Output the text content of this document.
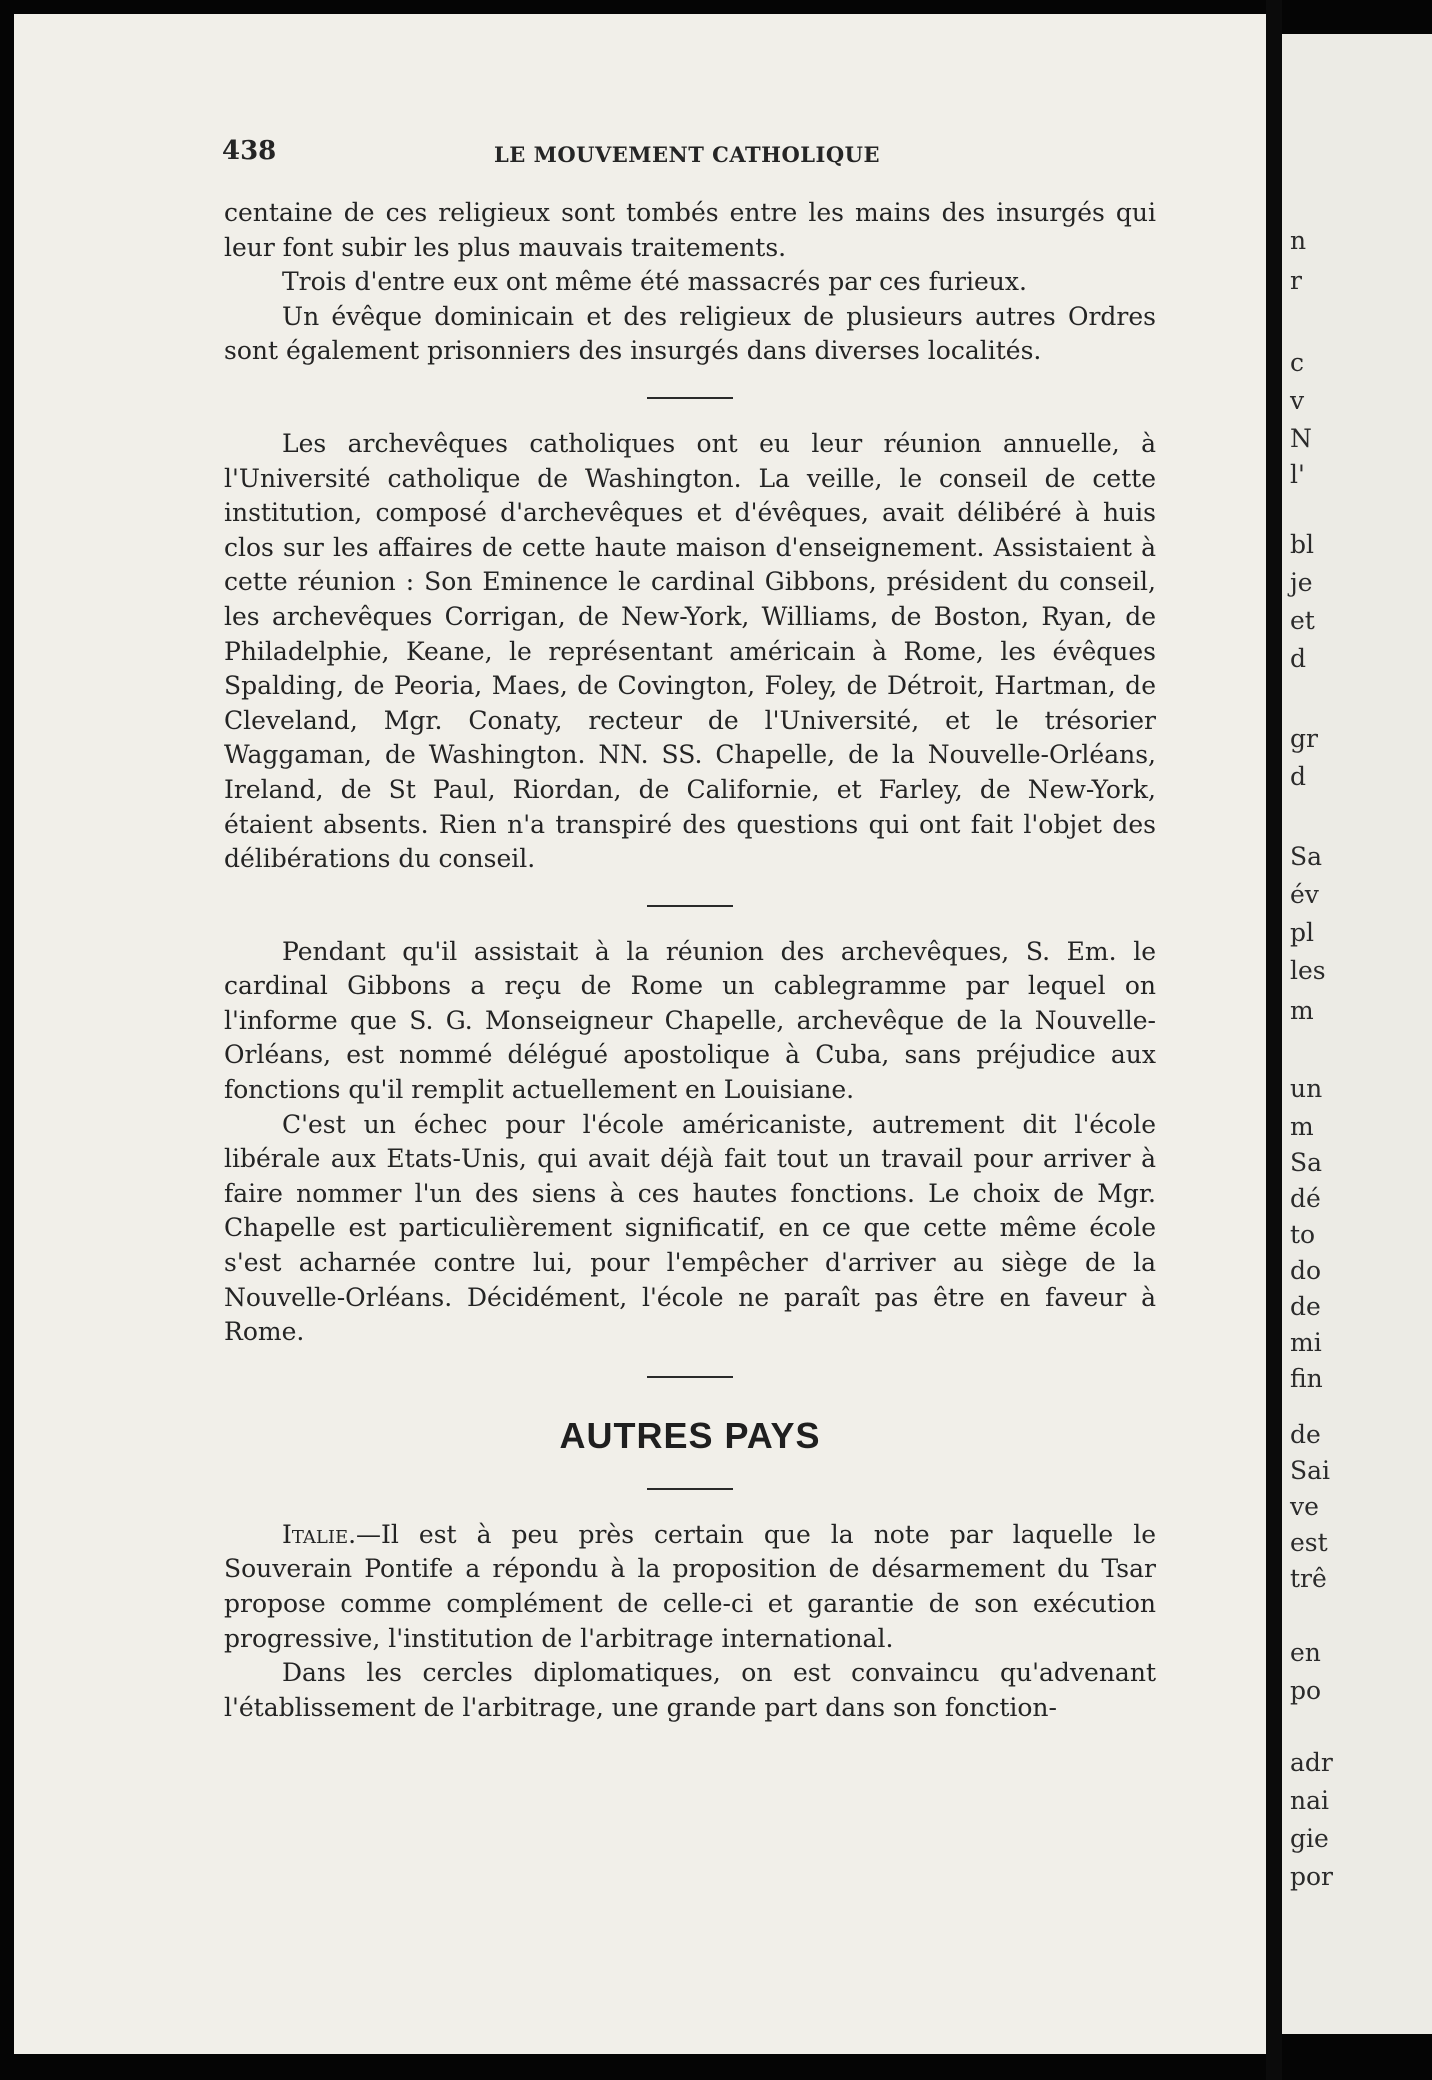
438	LE MOUVEMENT CATHOLIQUE

centaine de ces religieux sont tombés entre les mains des insurgés qui leur font subir les plus mauvais traitements.

Trois d'entre eux ont même été massacrés par ces furieux.

Un évêque dominicain et des religieux de plusieurs autres Ordres sont également prisonniers des insurgés dans diverses localités.

Les archevêques catholiques ont eu leur réunion annuelle, à l'Université catholique de Washington. La veille, le conseil de cette institution, composé d'archevêques et d'évêques, avait délibéré à huis clos sur les affaires de cette haute maison d'enseignement. Assistaient à cette réunion : Son Eminence le cardinal Gibbons, président du conseil, les archevêques Corrigan, de New-York, Williams, de Boston, Ryan, de Philadelphie, Keane, le représentant américain à Rome, les évêques Spalding, de Peoria, Maes, de Covington, Foley, de Détroit, Hartman, de Cleveland, Mgr. Conaty, recteur de l'Université, et le trésorier Waggaman, de Washington. NN. SS. Chapelle, de la Nouvelle-Orléans, Ireland, de St Paul, Riordan, de Californie, et Farley, de New-York, étaient absents. Rien n'a transpiré des questions qui ont fait l'objet des délibérations du conseil.

Pendant qu'il assistait à la réunion des archevêques, S. Em. le cardinal Gibbons a reçu de Rome un cablegramme par lequel on l'informe que S. G. Monseigneur Chapelle, archevêque de la Nouvelle-Orléans, est nommé délégué apostolique à Cuba, sans préjudice aux fonctions qu'il remplit actuellement en Louisiane.

C'est un échec pour l'école américaniste, autrement dit l'école libérale aux Etats-Unis, qui avait déjà fait tout un travail pour arriver à faire nommer l'un des siens à ces hautes fonctions. Le choix de Mgr. Chapelle est particulièrement significatif, en ce que cette même école s'est acharnée contre lui, pour l'empêcher d'arriver au siège de la Nouvelle-Orléans. Décidément, l'école ne paraît pas être en faveur à Rome.

AUTRES PAYS

Italie.—Il est à peu près certain que la note par laquelle le Souverain Pontife a répondu à la proposition de désarmement du Tsar propose comme complément de celle-ci et garantie de son exécution progressive, l'institution de l'arbitrage international.

Dans les cercles diplomatiques, on est convaincu qu'advenant l'établissement de l'arbitrage, une grande part dans son fonction-

n
r
c
v
N
l'
bl
je
et
d
gr
d
Sa
év
pl
les
m
un
m
Sa
dé
to
do
de
mi
fin
de
Sai
ve
est
trê
en
po
adr
nai
gie
por
